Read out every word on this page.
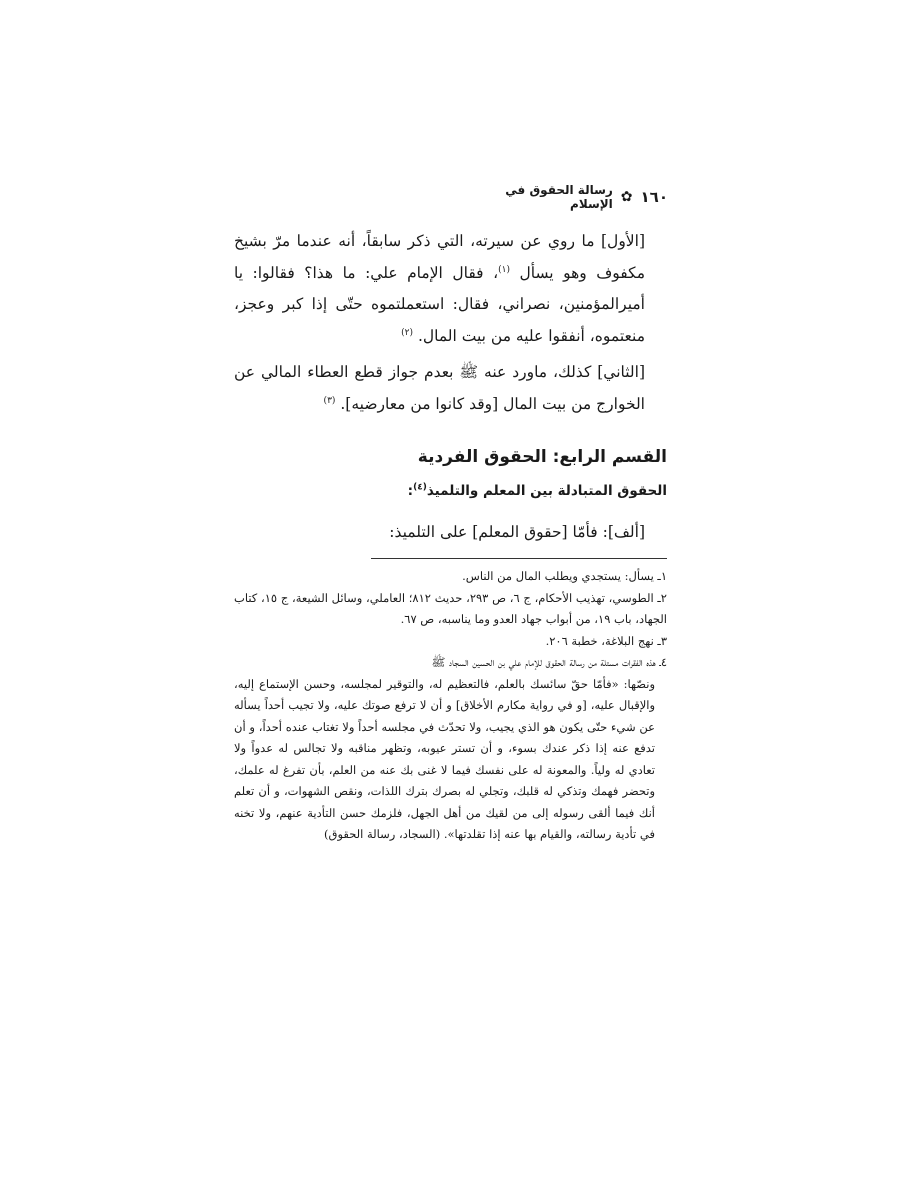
١٦٠
✿
رسالة الحقوق في الإسلام

[الأول] ما روي عن سيرته، التي ذكر سابقاً، أنه عندما مرّ بشيخ مكفوف وهو يسأل $^{(١)}$، فقال الإمام علي: ما هذا؟ فقالوا: يا أميرالمؤمنين، نصراني، فقال: استعملتموه حتّى إذا كبر وعجز، منعتموه، أنفقوا عليه من بيت المال. $^{(٢)}$

[الثاني] كذلك، ماورد عنه ﷺ بعدم جواز قطع العطاء المالي عن الخوارج من بيت المال [وقد كانوا من معارضيه]. $^{(٣)}$

القسم الرابع: الحقوق الفردية
الحقوق المتبادلة بين المعلم والتلميذ$^{(٤)}$:
[ألف]: فأمّا [حقوق المعلم] على التلميذ:

١ـ يسأل: يستجدي ويطلب المال من الناس.

٢ـ الطوسي، تهذيب الأحكام، ج ٦، ص ٢٩٣، حديث ٨١٢؛ العاملي، وسائل الشيعة، ج ١٥، كتاب الجهاد، باب ١٩، من أبواب جهاد العدو وما يناسبه، ص ٦٧.

٣ـ نهج البلاغة، خطبة ٢٠٦.

٤ـ هذه الفقرات مستلة من رسالة الحقوق للإمام علي بن الحسين السجاد ﷺ

ونصّها: «فأمّا حقّ سائسك بالعلم، فالتعظيم له، والتوقير لمجلسه، وحسن الإستماع إليه، والإقبال عليه، [و في رواية مكارم الأخلاق] و أن لا ترفع صوتك عليه، ولا تجيب أحداً يسأله عن شيء حتّى يكون هو الذي يجيب، ولا تحدّث في مجلسه أحداً ولا تغتاب عنده أحداً، و أن تدفع عنه إذا ذكر عندك بسوء، و أن تستر عيوبه، وتظهر مناقبه ولا تجالس له عدواً ولا تعادي له ولياً. والمعونة له على نفسك فيما لا غنى بك عنه من العلم، بأن تفرغ له علمك، وتحضر فهمك وتذكي له قلبك، وتجلي له بصرك بترك اللذات، ونقص الشهوات، و أن تعلم أنك فيما ألقى رسوله إلى من لقيك من أهل الجهل، فلزمك حسن التأدية عنهم، ولا تخنه في تأدية رسالته، والقيام بها عنه إذا تقلدتها». (السجاد، رسالة الحقوق)
